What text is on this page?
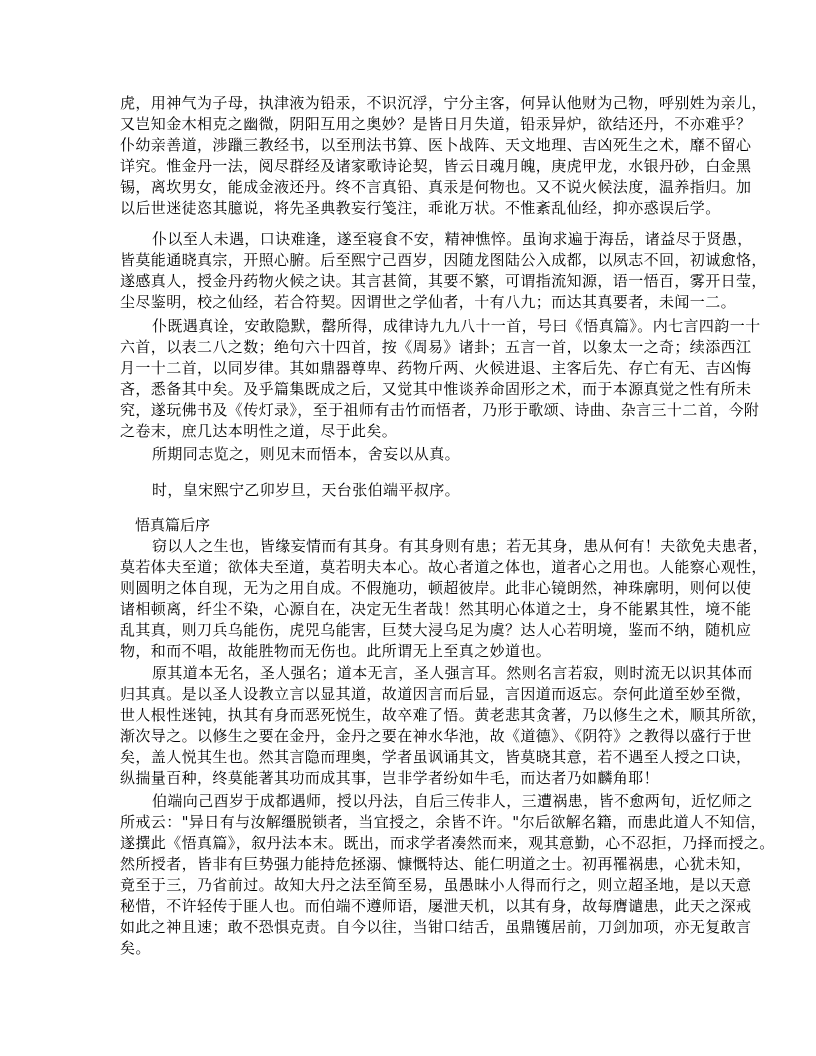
虎，用神气为子母，执津液为铅汞，不识沉浮，宁分主客，何异认他财为己物，呼别姓为亲儿，
又岂知金木相克之幽微，阴阳互用之奥妙？是皆日月失道，铅汞异炉，欲结还丹，不亦难乎？
仆幼亲善道，涉躐三教经书，以至刑法书算、医卜战阵、天文地理、吉凶死生之术，靡不留心
详究。惟金丹一法，阅尽群经及诸家歌诗论契，皆云日魂月魄，庚虎甲龙，水银丹砂，白金黑
锡，离坎男女，能成金液还丹。终不言真铅、真汞是何物也。又不说火候法度，温养指归。加
以后世迷徒恣其臆说，将先圣典教妄行笺注，乖讹万状。不惟紊乱仙经，抑亦惑误后学。
仆以至人未遇，口诀难逢，遂至寝食不安，精神憔悴。虽询求遍于海岳，诸益尽于贤愚，
皆莫能通晓真宗，开照心腑。后至熙宁己酉岁，因随龙图陆公入成都，以夙志不回，初诚愈恪，
遂感真人，授金丹药物火候之诀。其言甚简，其要不繁，可谓指流知源，语一悟百，雾开日莹，
尘尽鉴明，校之仙经，若合符契。因谓世之学仙者，十有八九；而达其真要者，未闻一二。
仆既遇真诠，安敢隐默，罄所得，成律诗九九八十一首，号曰《悟真篇》。内七言四韵一十
六首，以表二八之数；绝句六十四首，按《周易》诸卦；五言一首，以象太一之奇；续添西江
月一十二首，以同岁律。其如鼎器尊卑、药物斤两、火候进退、主客后先、存亡有无、吉凶悔
吝，悉备其中矣。及乎篇集既成之后，又觉其中惟谈养命固形之术，而于本源真觉之性有所未
究，遂玩佛书及《传灯录》，至于祖师有击竹而悟者，乃形于歌颂、诗曲、杂言三十二首，今附
之卷末，庶几达本明性之道，尽于此矣。
所期同志览之，则见末而悟本，舍妄以从真。
时，皇宋熙宁乙卯岁旦，天台张伯端平叔序。
悟真篇后序
窃以人之生也，皆缘妄情而有其身。有其身则有患；若无其身，患从何有！夫欲免夫患者，
莫若体夫至道；欲体夫至道，莫若明夫本心。故心者道之体也，道者心之用也。人能察心观性，
则圆明之体自现，无为之用自成。不假施功，顿超彼岸。此非心镜朗然，神珠廓明，则何以使
诸相顿离，纤尘不染，心源自在，决定无生者哉！然其明心体道之士，身不能累其性，境不能
乱其真，则刀兵乌能伤，虎兕乌能害，巨焚大浸乌足为虞？达人心若明境，鉴而不纳，随机应
物，和而不唱，故能胜物而无伤也。此所谓无上至真之妙道也。
原其道本无名，圣人强名；道本无言，圣人强言耳。然则名言若寂，则时流无以识其体而
归其真。是以圣人设教立言以显其道，故道因言而后显，言因道而返忘。奈何此道至妙至微，
世人根性迷钝，执其有身而恶死悦生，故卒难了悟。黄老悲其贪著，乃以修生之术，顺其所欲，
渐次导之。以修生之要在金丹，金丹之要在神水华池，故《道德》、《阴符》之教得以盛行于世
矣，盖人悦其生也。然其言隐而理奥，学者虽讽诵其文，皆莫晓其意，若不遇至人授之口诀，
纵揣量百种，终莫能著其功而成其事，岂非学者纷如牛毛，而达者乃如麟角耶！
伯端向己酉岁于成都遇师，授以丹法，自后三传非人，三遭祸患，皆不愈两旬，近忆师之
所戒云："异日有与汝解缰脱锁者，当宜授之，余皆不许。"尔后欲解名籍，而患此道人不知信，
遂撰此《悟真篇》，叙丹法本末。既出，而求学者凑然而来，观其意勤，心不忍拒，乃择而授之。
然所授者，皆非有巨势强力能持危拯溺、慷慨特达、能仁明道之士。初再罹祸患，心犹未知，
竟至于三，乃省前过。故知大丹之法至简至易，虽愚昧小人得而行之，则立超圣地，是以天意
秘惜，不许轻传于匪人也。而伯端不遵师语，屡泄天机，以其有身，故每膺谴患，此天之深戒
如此之神且速；敢不恐惧克责。自今以往，当钳口结舌，虽鼎镬居前，刀剑加项，亦无复敢言
矣。
